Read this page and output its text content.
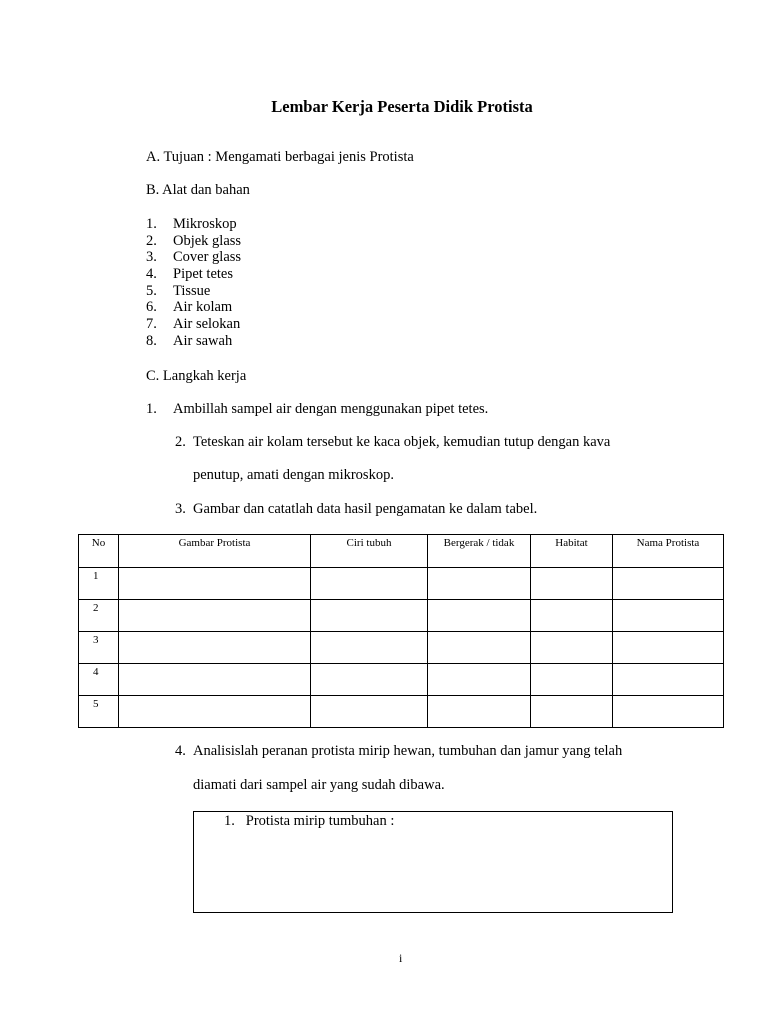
Lembar Kerja Peserta Didik Protista
A. Tujuan : Mengamati berbagai jenis Protista
B. Alat dan bahan
1. Mikroskop
2. Objek glass
3. Cover glass
4. Pipet tetes
5. Tissue
6. Air kolam
7. Air selokan
8. Air sawah
C. Langkah kerja
1. Ambillah sampel air dengan menggunakan pipet tetes.
2. Teteskan air kolam tersebut ke kaca objek, kemudian tutup dengan kava
penutup, amati dengan mikroskop.
3. Gambar dan catatlah data hasil pengamatan ke dalam tabel.
No	Gambar Protista	Ciri tubuh	Bergerak / tidak	Habitat	Nama Protista
1					
2					
3					
4					
5					
4. Analisislah peranan protista mirip hewan, tumbuhan dan jamur yang telah
diamati dari sampel air yang sudah dibawa.
1.   Protista mirip tumbuhan :
i
